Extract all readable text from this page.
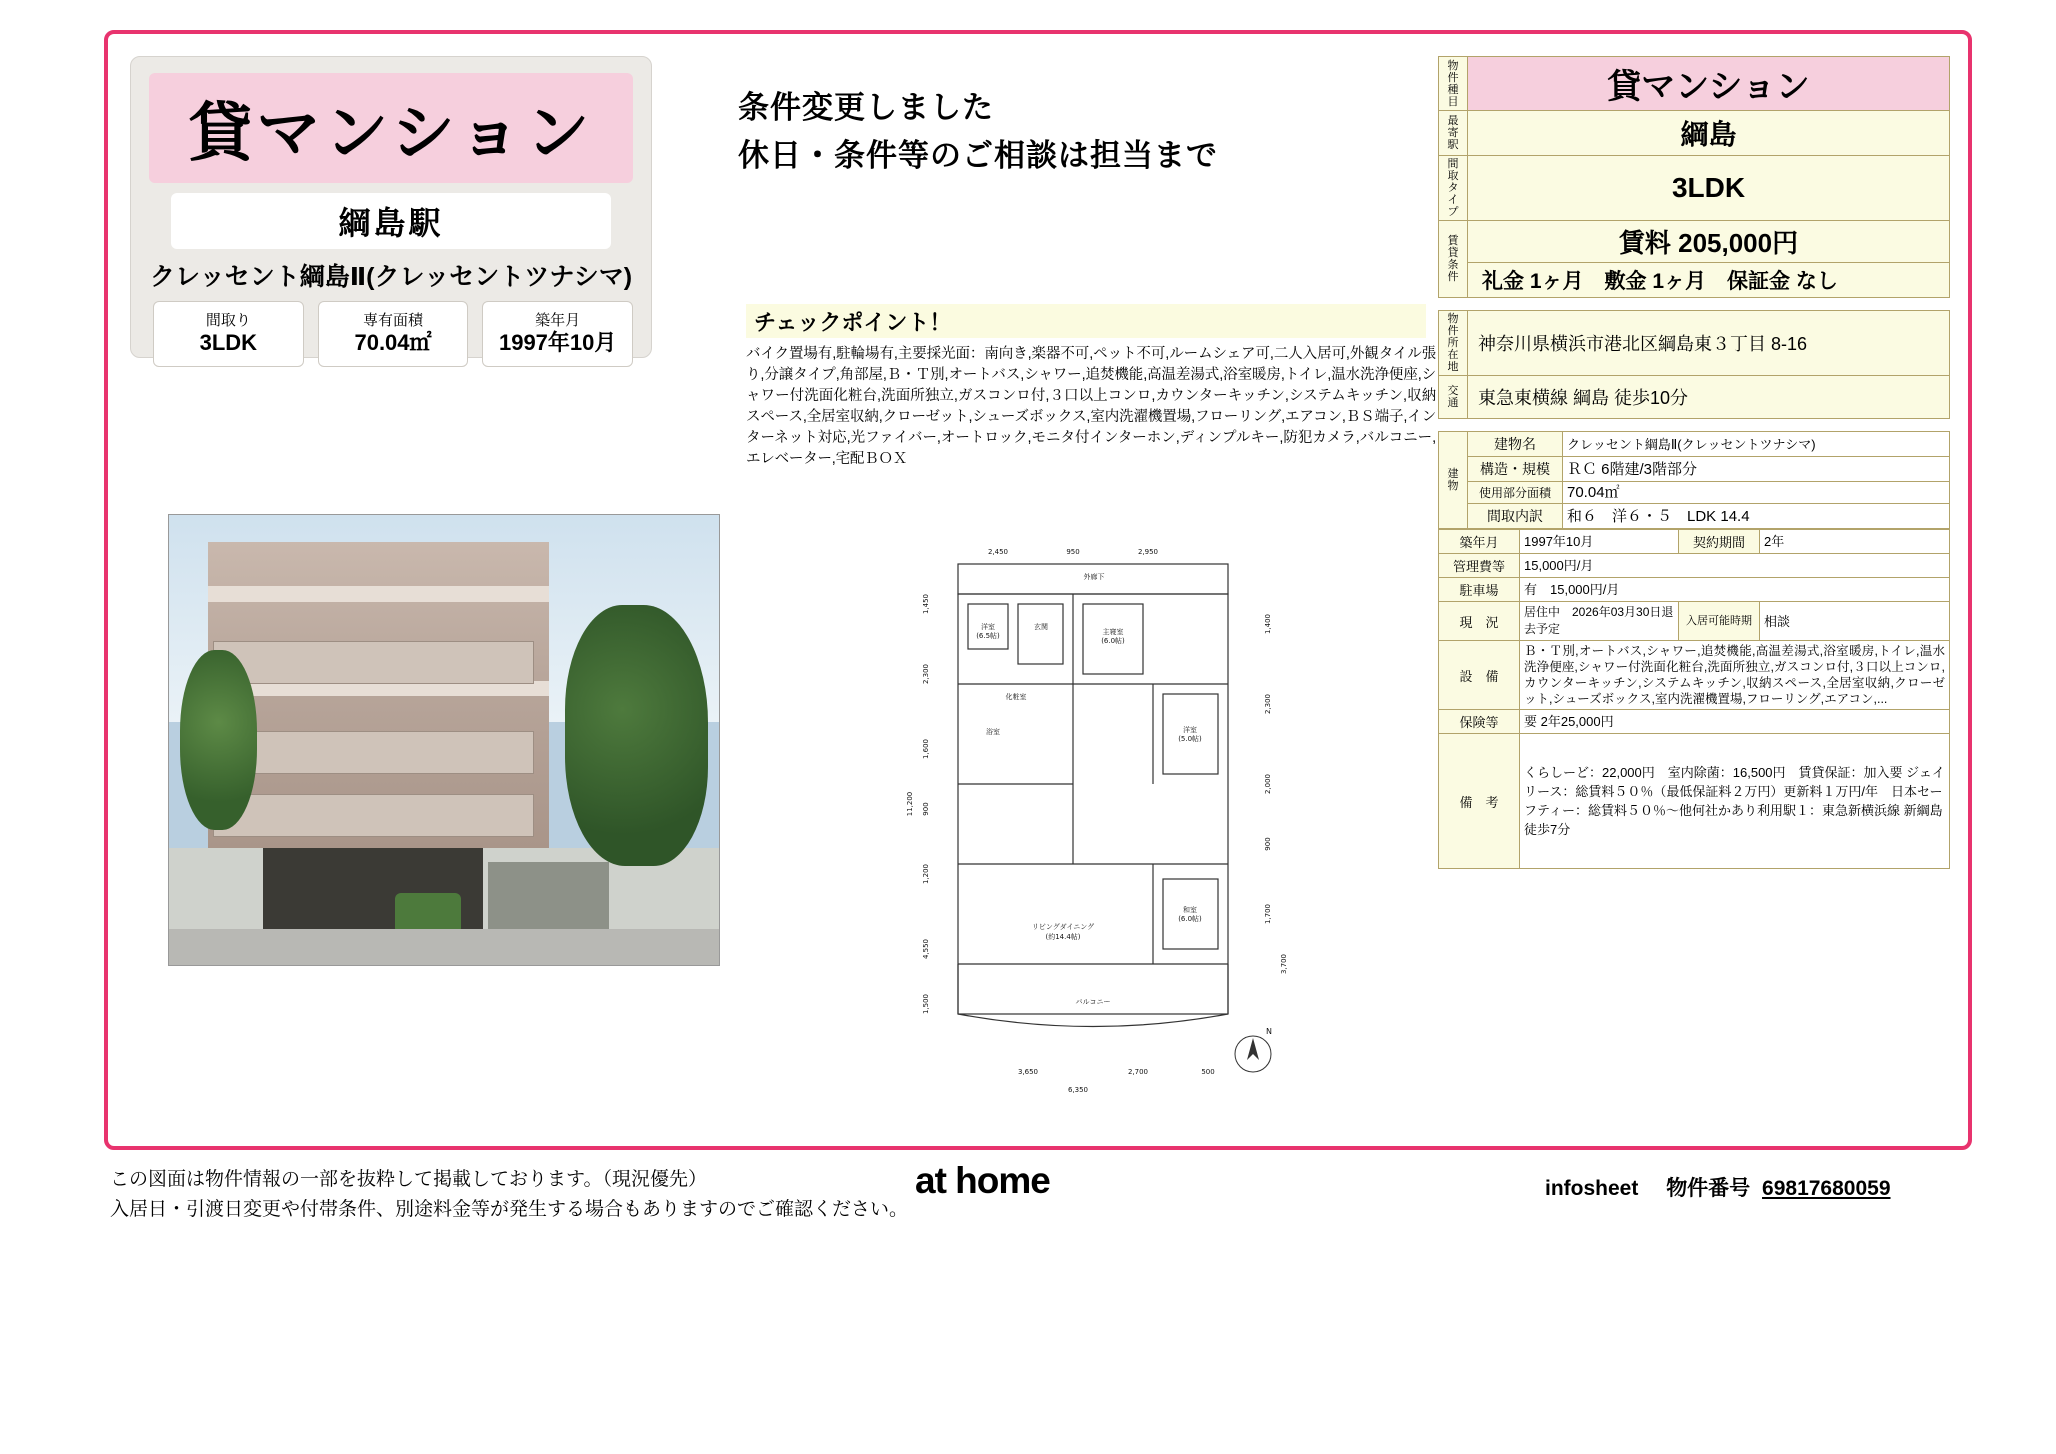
貸マンション
綱島駅
クレッセント綱島Ⅱ(クレッセントツナシマ)
間取り
3LDK
専有面積
70.04㎡
築年月
1997年10月
条件変更しました
休日・条件等のご相談は担当まで
チェックポイント！
バイク置場有,駐輪場有,主要採光面：南向き,楽器不可,ペット不可,ルームシェア可,二人入居可,外観タイル張り,分譲タイプ,角部屋,Ｂ・Ｔ別,オートバス,シャワー,追焚機能,高温差湯式,浴室暖房,トイレ,温水洗浄便座,シャワー付洗面化粧台,洗面所独立,ガスコンロ付,３口以上コンロ,カウンターキッチン,システムキッチン,収納スペース,全居室収納,クローゼット,シューズボックス,室内洗濯機置場,フローリング,エアコン,ＢＳ端子,インターネット対応,光ファイバー,オートロック,モニタ付インターホン,ディンプルキー,防犯カメラ,バルコニー,エレベーター,宅配ＢＯＸ
洋室
(6.5帖)	主寝室
(6.0帖)
洋室
(5.0帖)
リビングダイニング
(約14.4帖)
和室
(6.0帖)
バルコニー
玄関
化粧室
浴室
外廊下
2,450	950	2,950
3,650	2,700	500
6,350
1,450
2,300
1,600
900
1,200
11,200
4,550
1,500
1,400
2,300
2,000
900
1,700
3,700
N
物件種目	貸マンション
最寄駅	綱島
間取タイプ	3LDK
賃貸条件	賃料 205,000円
	礼金 1ヶ月　敷金 1ヶ月　保証金 なし
物件所在地	神奈川県横浜市港北区綱島東３丁目 8-16
交通	東急東横線 綱島 徒歩10分
建物	建物名	クレッセント綱島Ⅱ(クレッセントツナシマ)
	構造・規模	ＲＣ 6階建/3階部分
	使用部分面積	70.04㎡
	間取内訳	和６　洋６・５　LDK 14.4
築年月	1997年10月	契約期間	2年
管理費等	15,000円/月		
駐車場	有　15,000円/月		
現　況	居住中　2026年03月30日退去予定	入居可能時期	相談
設　備	Ｂ・Ｔ別,オートバス,シャワー,追焚機能,高温差湯式,浴室暖房,トイレ,温水洗浄便座,シャワー付洗面化粧台,洗面所独立,ガスコンロ付,３口以上コンロ,カウンターキッチン,システムキッチン,収納スペース,全居室収納,クローゼット,シューズボックス,室内洗濯機置場,フローリング,エアコン,...		
保険等	要 2年25,000円		
備　考	くらしーど：22,000円　室内除菌：16,500円　賃貸保証：加入要 ジェイリース：総賃料５０％（最低保証料２万円）更新料１万円/年　日本セーフティー：総賃料５０％〜他何社かあり利用駅１：東急新横浜線 新綱島 徒歩7分		
この図面は物件情報の一部を抜粋して掲載しております。（現況優先）
入居日・引渡日変更や付帯条件、別途料金等が発生する場合もありますのでご確認ください。
at home	infosheet 物件番号 69817680059
